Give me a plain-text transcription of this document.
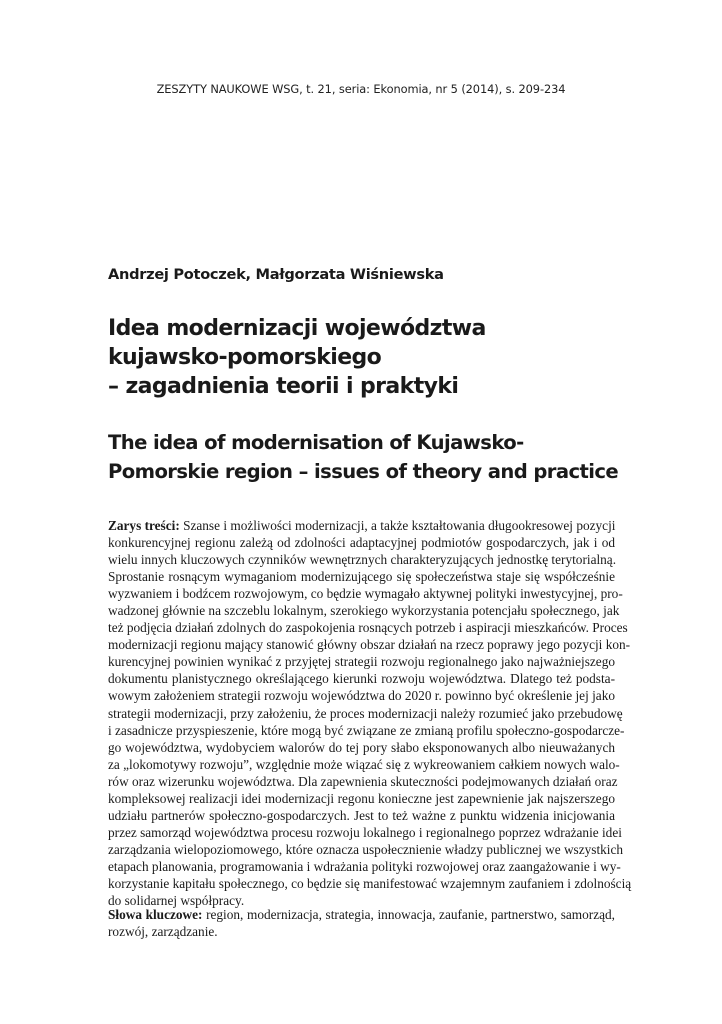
ZESZYTY NAUKOWE WSG, t. 21, seria: Ekonomia, nr 5 (2014), s. 209-234
Andrzej Potoczek, Małgorzata Wiśniewska
Idea modernizacji województwa
kujawsko-pomorskiego
– zagadnienia teorii i praktyki
The idea of modernisation of Kujawsko-
Pomorskie region – issues of theory and practice
Zarys treści: Szanse i możliwości modernizacji, a także kształtowania długookresowej pozycji
konkurencyjnej regionu zależą od zdolności adaptacyjnej podmiotów gospodarczych, jak i od
wielu innych kluczowych czynników wewnętrznych charakteryzujących jednostkę terytorialną.
Sprostanie rosnącym wymaganiom modernizującego się społeczeństwa staje się współcześnie
wyzwaniem i bodźcem rozwojowym, co będzie wymagało aktywnej polityki inwestycyjnej, pro-
wadzonej głównie na szczeblu lokalnym, szerokiego wykorzystania potencjału społecznego, jak
też podjęcia działań zdolnych do zaspokojenia rosnących potrzeb i aspiracji mieszkańców. Proces
modernizacji regionu mający stanowić główny obszar działań na rzecz poprawy jego pozycji kon-
kurencyjnej powinien wynikać z przyjętej strategii rozwoju regionalnego jako najważniejszego
dokumentu planistycznego określającego kierunki rozwoju województwa. Dlatego też podsta-
wowym założeniem strategii rozwoju województwa do 2020 r. powinno być określenie jej jako
strategii modernizacji, przy założeniu, że proces modernizacji należy rozumieć jako przebudowę
i zasadnicze przyspieszenie, które mogą być związane ze zmianą profilu społeczno-gospodarcze-
go województwa, wydobyciem walorów do tej pory słabo eksponowanych albo nieuważanych
za „lokomotywy rozwoju”, względnie może wiązać się z wykreowaniem całkiem nowych walo-
rów oraz wizerunku województwa. Dla zapewnienia skuteczności podejmowanych działań oraz
kompleksowej realizacji idei modernizacji regonu konieczne jest zapewnienie jak najszerszego
udziału partnerów społeczno-gospodarczych. Jest to też ważne z punktu widzenia inicjowania
przez samorząd województwa procesu rozwoju lokalnego i regionalnego poprzez wdrażanie idei
zarządzania wielopoziomowego, które oznacza uspołecznienie władzy publicznej we wszystkich
etapach planowania, programowania i wdrażania polityki rozwojowej oraz zaangażowanie i wy-
korzystanie kapitału społecznego, co będzie się manifestować wzajemnym zaufaniem i zdolnością
do solidarnej współpracy.
Słowa kluczowe: region, modernizacja, strategia, innowacja, zaufanie, partnerstwo, samorząd,
rozwój, zarządzanie.
